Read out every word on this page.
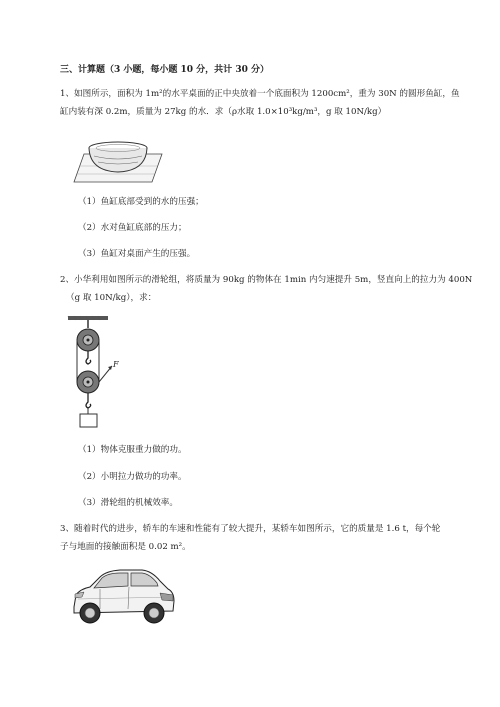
三、计算题（3 小题，每小题 10 分，共计 30 分）
1、如图所示，面积为 1m²的水平桌面的正中央放着一个底面积为 1200cm²，重为 30N 的圆形鱼缸，鱼
缸内装有深 0.2m，质量为 27kg 的水．求（ρ水取 1.0×10³kg/m³，g 取 10N/kg）
（1）鱼缸底部受到的水的压强；
（2）水对鱼缸底部的压力；
（3）鱼缸对桌面产生的压强。
2、小华利用如图所示的滑轮组，将质量为 90kg 的物体在 1min 内匀速提升 5m，竖直向上的拉力为 400N
（g 取 10N/kg），求：
F
（1）物体克服重力做的功。
（2）小明拉力做功的功率。
（3）滑轮组的机械效率。
3、随着时代的进步，轿车的车速和性能有了较大提升，某轿车如图所示，它的质量是 1.6 t，每个轮
子与地面的接触面积是 0.02 m²。
